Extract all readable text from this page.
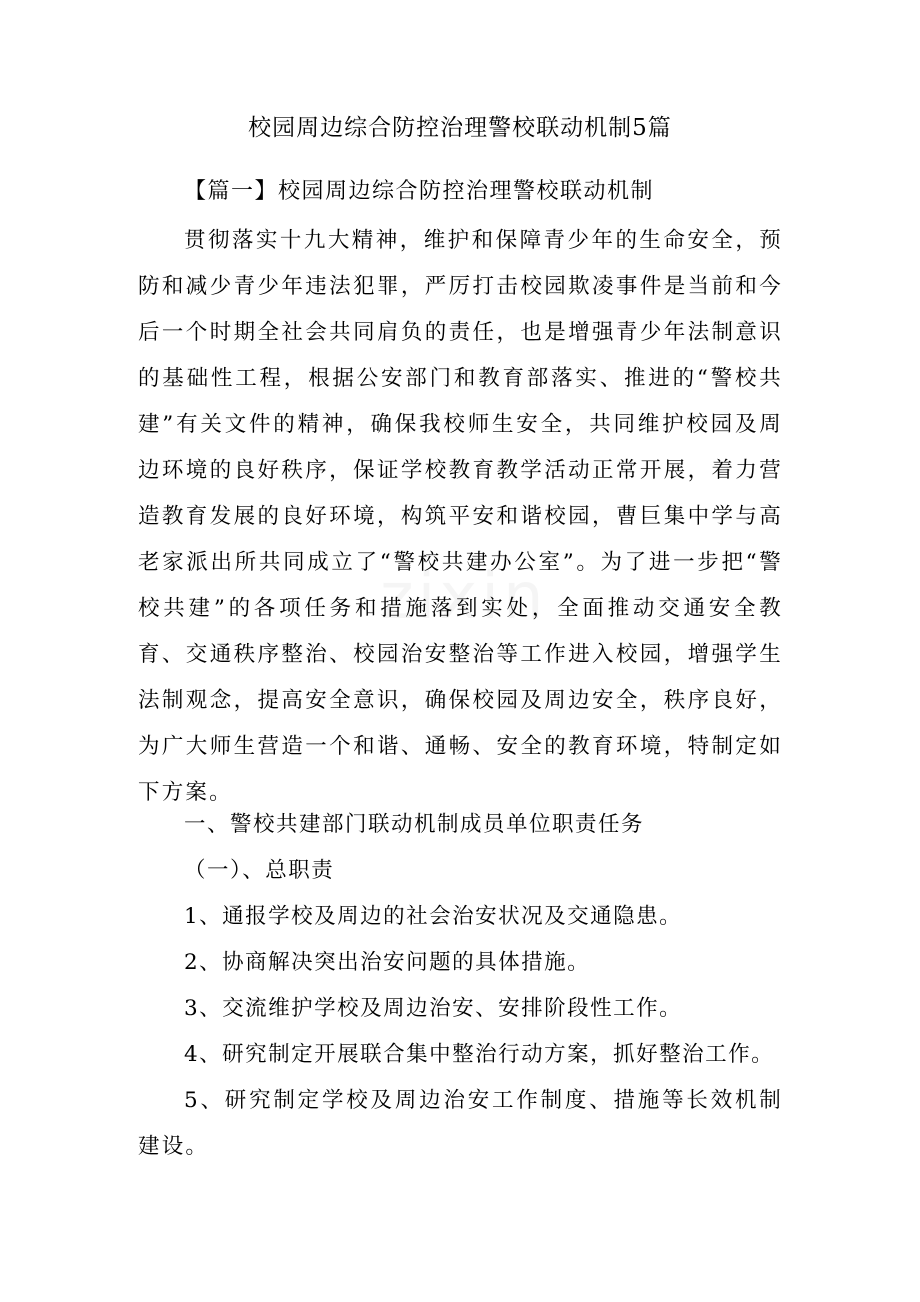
校园周边综合防控治理警校联动机制5篇
【篇一】校园周边综合防控治理警校联动机制

贯彻落实十九大精神，维护和保障青少年的生命安全，预防和减少青少年违法犯罪，严厉打击校园欺凌事件是当前和今后一个时期全社会共同肩负的责任，也是增强青少年法制意识的基础性工程，根据公安部门和教育部落实、推进的“警校共建”有关文件的精神，确保我校师生安全，共同维护校园及周边环境的良好秩序，保证学校教育教学活动正常开展，着力营造教育发展的良好环境，构筑平安和谐校园，曹巨集中学与高老家派出所共同成立了“警校共建办公室”。为了进一步把“警校共建”的各项任务和措施落到实处，全面推动交通安全教育、交通秩序整治、校园治安整治等工作进入校园，增强学生法制观念，提高安全意识，确保校园及周边安全，秩序良好，为广大师生营造一个和谐、通畅、安全的教育环境，特制定如下方案。

一、警校共建部门联动机制成员单位职责任务
（一）、总职责
1、通报学校及周边的社会治安状况及交通隐患。
2、协商解决突出治安问题的具体措施。
3、交流维护学校及周边治安、安排阶段性工作。
4、研究制定开展联合集中整治行动方案，抓好整治工作。

5、研究制定学校及周边治安工作制度、措施等长效机制建设。
